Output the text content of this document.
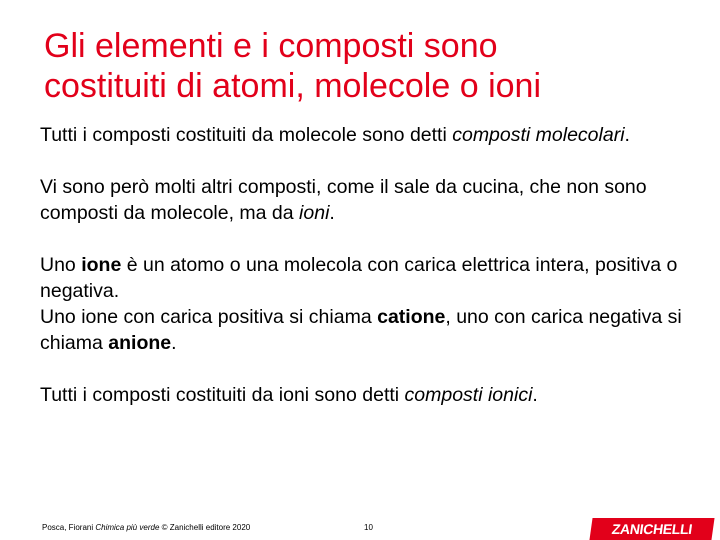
Gli elementi e i composti sono
costituiti di atomi, molecole o ioni

Tutti i composti costituiti da molecole sono detti composti molecolari.

Vi sono però molti altri composti, come il sale da cucina, che non sono composti da molecole, ma da ioni.

Uno ione è un atomo o una molecola con carica elettrica intera, positiva o negativa.
Uno ione con carica positiva si chiama catione, uno con carica negativa si chiama anione.

Tutti i composti costituiti da ioni sono detti composti ionici.

Posca, Fiorani Chimica più verde © Zanichelli editore 2020	10	ZANICHELLI
